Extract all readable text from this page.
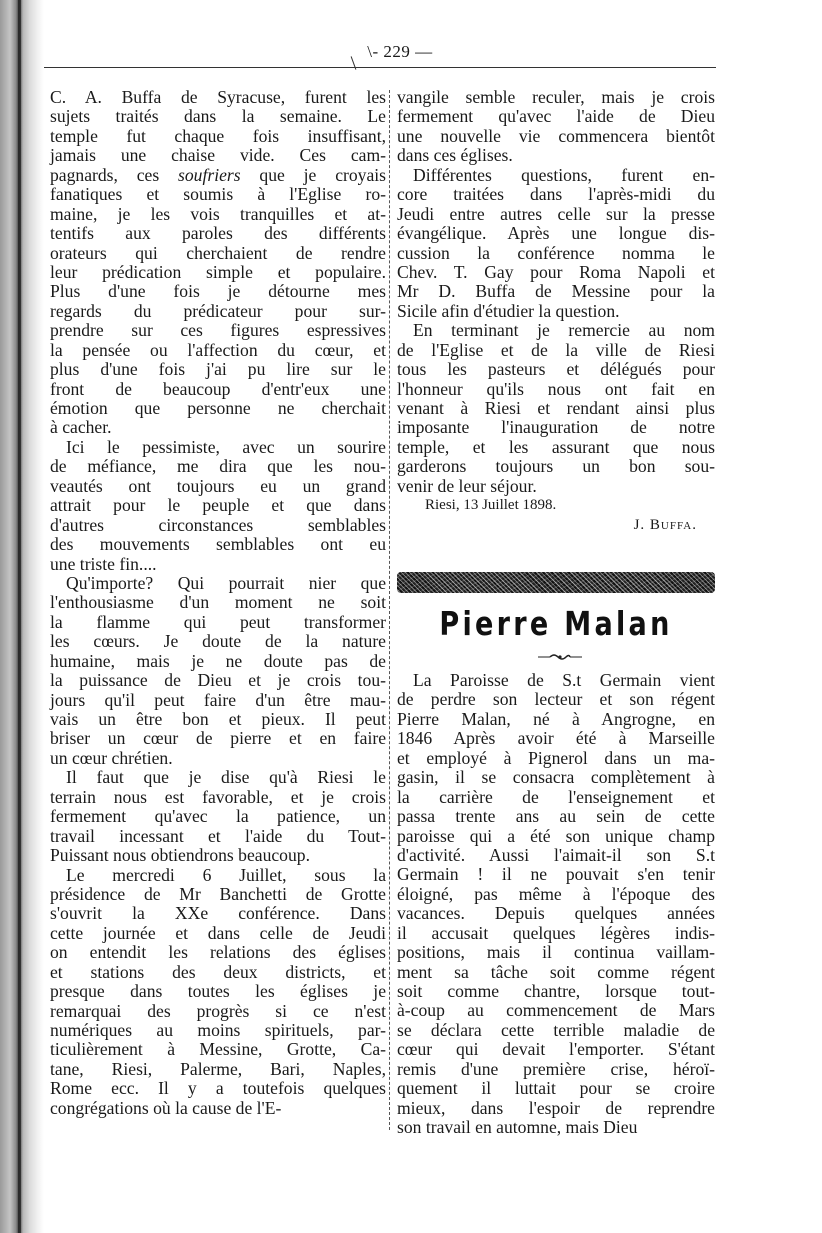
\- 229 —
C. A. Buffa de Syracuse, furent les
sujets traités dans la semaine. Le
temple fut chaque fois insuffisant,
jamais une chaise vide. Ces cam-
pagnards, ces soufriers que je croyais
fanatiques et soumis à l'Eglise ro-
maine, je les vois tranquilles et at-
tentifs aux paroles des différents
orateurs qui cherchaient de rendre
leur prédication simple et populaire.
Plus d'une fois je détourne mes
regards du prédicateur pour sur-
prendre sur ces figures espressives
la pensée ou l'affection du cœur, et
plus d'une fois j'ai pu lire sur le
front de beaucoup d'entr'eux une
émotion que personne ne cherchait
à cacher.
Ici le pessimiste, avec un sourire
de méfiance, me dira que les nou-
veautés ont toujours eu un grand
attrait pour le peuple et que dans
d'autres circonstances semblables
des mouvements semblables ont eu
une triste fin....
Qu'importe? Qui pourrait nier que
l'enthousiasme d'un moment ne soit
la flamme qui peut transformer
les cœurs. Je doute de la nature
humaine, mais je ne doute pas de
la puissance de Dieu et je crois tou-
jours qu'il peut faire d'un être mau-
vais un être bon et pieux. Il peut
briser un cœur de pierre et en faire
un cœur chrétien.
Il faut que je dise qu'à Riesi le
terrain nous est favorable, et je crois
fermement qu'avec la patience, un
travail incessant et l'aide du Tout-
Puissant nous obtiendrons beaucoup.
Le mercredi 6 Juillet, sous la
présidence de Mr Banchetti de Grotte
s'ouvrit la XXe conférence. Dans
cette journée et dans celle de Jeudi
on entendit les relations des églises
et stations des deux districts, et
presque dans toutes les églises je
remarquai des progrès si ce n'est
numériques au moins spirituels, par-
ticulièrement à Messine, Grotte, Ca-
tane, Riesi, Palerme, Bari, Naples,
Rome ecc. Il y a toutefois quelques
congrégations où la cause de l'E-
vangile semble reculer, mais je crois
fermement qu'avec l'aide de Dieu
une nouvelle vie commencera bientôt
dans ces églises.
Différentes questions, furent en-
core traitées dans l'après-midi du
Jeudi entre autres celle sur la presse
évangélique. Après une longue dis-
cussion la conférence nomma le
Chev. T. Gay pour Roma Napoli et
Mr D. Buffa de Messine pour la
Sicile afin d'étudier la question.
En terminant je remercie au nom
de l'Eglise et de la ville de Riesi
tous les pasteurs et délégués pour
l'honneur qu'ils nous ont fait en
venant à Riesi et rendant ainsi plus
imposante l'inauguration de notre
temple, et les assurant que nous
garderons toujours un bon sou-
venir de leur séjour.
Riesi, 13 Juillet 1898.
J. Buffa.
Pierre Malan
La Paroisse de S.t Germain vient
de perdre son lecteur et son régent
Pierre Malan, né à Angrogne, en
1846 Après avoir été à Marseille
et employé à Pignerol dans un ma-
gasin, il se consacra complètement à
la carrière de l'enseignement et
passa trente ans au sein de cette
paroisse qui a été son unique champ
d'activité. Aussi l'aimait-il son S.t
Germain ! il ne pouvait s'en tenir
éloigné, pas même à l'époque des
vacances. Depuis quelques années
il accusait quelques légères indis-
positions, mais il continua vaillam-
ment sa tâche soit comme régent
soit comme chantre, lorsque tout-
à-coup au commencement de Mars
se déclara cette terrible maladie de
cœur qui devait l'emporter. S'étant
remis d'une première crise, héroï-
quement il luttait pour se croire
mieux, dans l'espoir de reprendre
son travail en automne, mais Dieu
